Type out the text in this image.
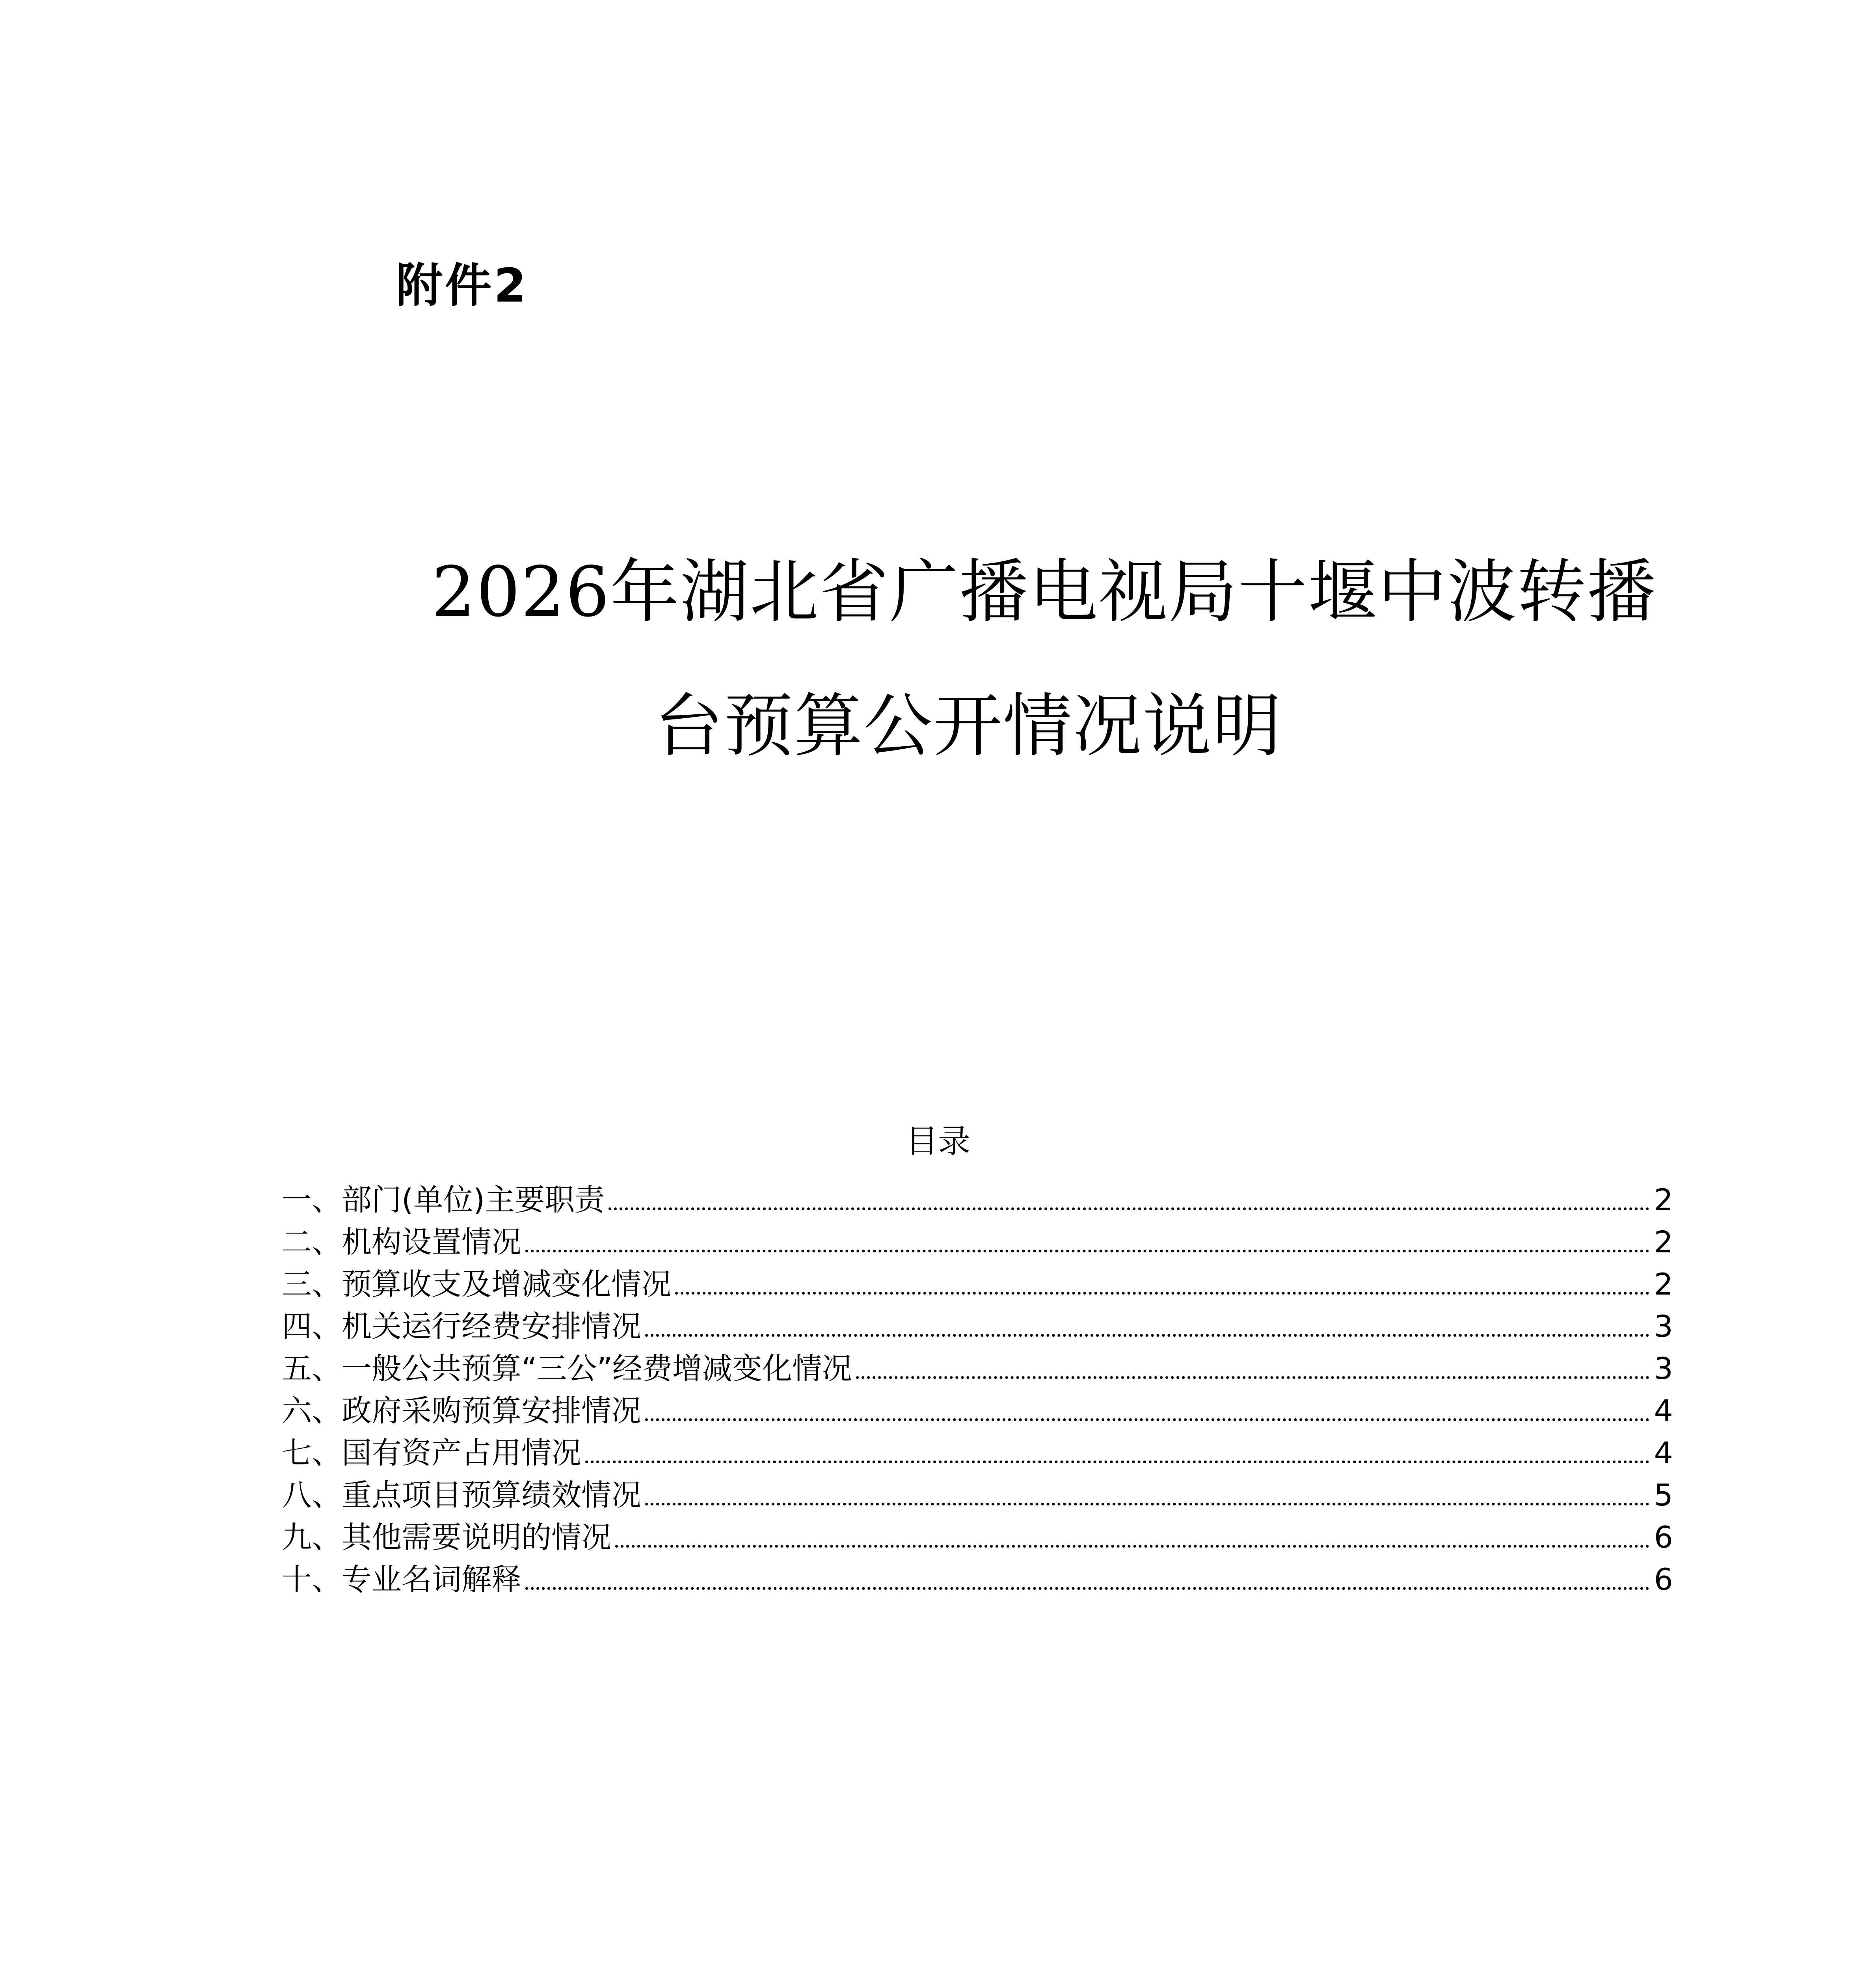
附件2
2026年湖北省广播电视局十堰中波转播
台预算公开情况说明
目录
一、部门(单位)主要职责	2
二、机构设置情况	2
三、预算收支及增减变化情况	2
四、机关运行经费安排情况	3
五、一般公共预算“三公”经费增减变化情况	3
六、政府采购预算安排情况	4
七、国有资产占用情况	4
八、重点项目预算绩效情况	5
九、其他需要说明的情况	6
十、专业名词解释	6
